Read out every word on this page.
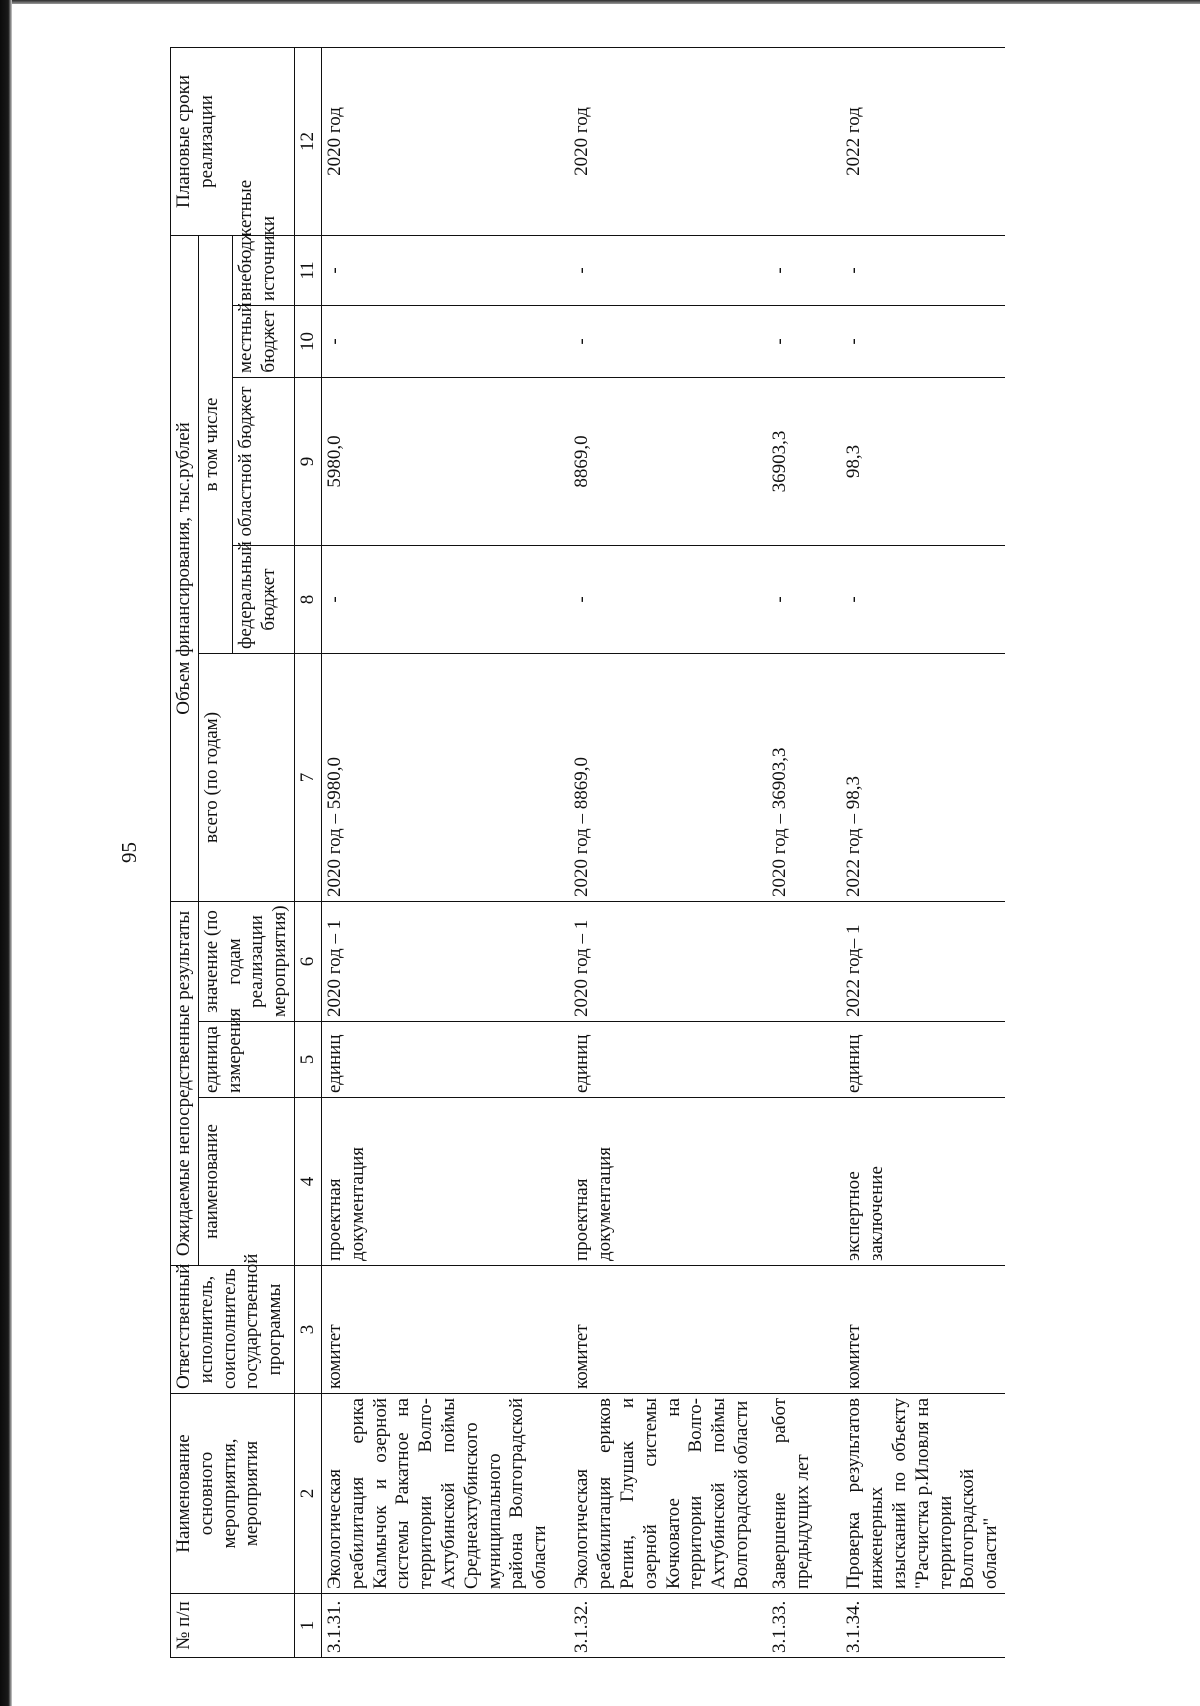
95
№ п/п	Наименование основного мероприятия, мероприятия	Ответственный исполнитель, соисполнитель государственной программы	Ожидаемые непосредственные результаты			Объем финансирования, тыс.рублей					Плановые сроки реализации
			наименование	единица измерения	значение (по годам реализации мероприятия)	всего (по годам)	в том числе				
							федеральный бюджет	областной бюджет	местный бюджет	внебюджетные источники	
1	2	3	4	5	6	7	8	9	10	11	12
3.1.31.	Экологическая реабилитация ерика Калмычок и озерной системы Ракатное на территории Волго-Ахтубинской поймы Среднеахтубинского муниципального района Волгоградской области	комитет	проектная документация	единиц	2020 год – 1	2020 год – 5980,0	-	5980,0	-	-	2020 год
3.1.32.	Экологическая реабилитация ериков Репин, Глушак и озерной системы Кочковатое на территории Волго-Ахтубинской поймы Волгоградской области	комитет	проектная документация	единиц	2020 год – 1	2020 год – 8869,0	-	8869,0	-	-	2020 год
3.1.33.	Завершение работ предыдущих лет					2020 год – 36903,3	-	36903,3	-	-	
3.1.34.	Проверка результатов инженерных изысканий по объекту "Расчистка р.Иловля на территории Волгоградской области"	комитет	экспертное заключение	единиц	2022 год– 1	2022 год – 98,3	-	98,3	-	-	2022 год
